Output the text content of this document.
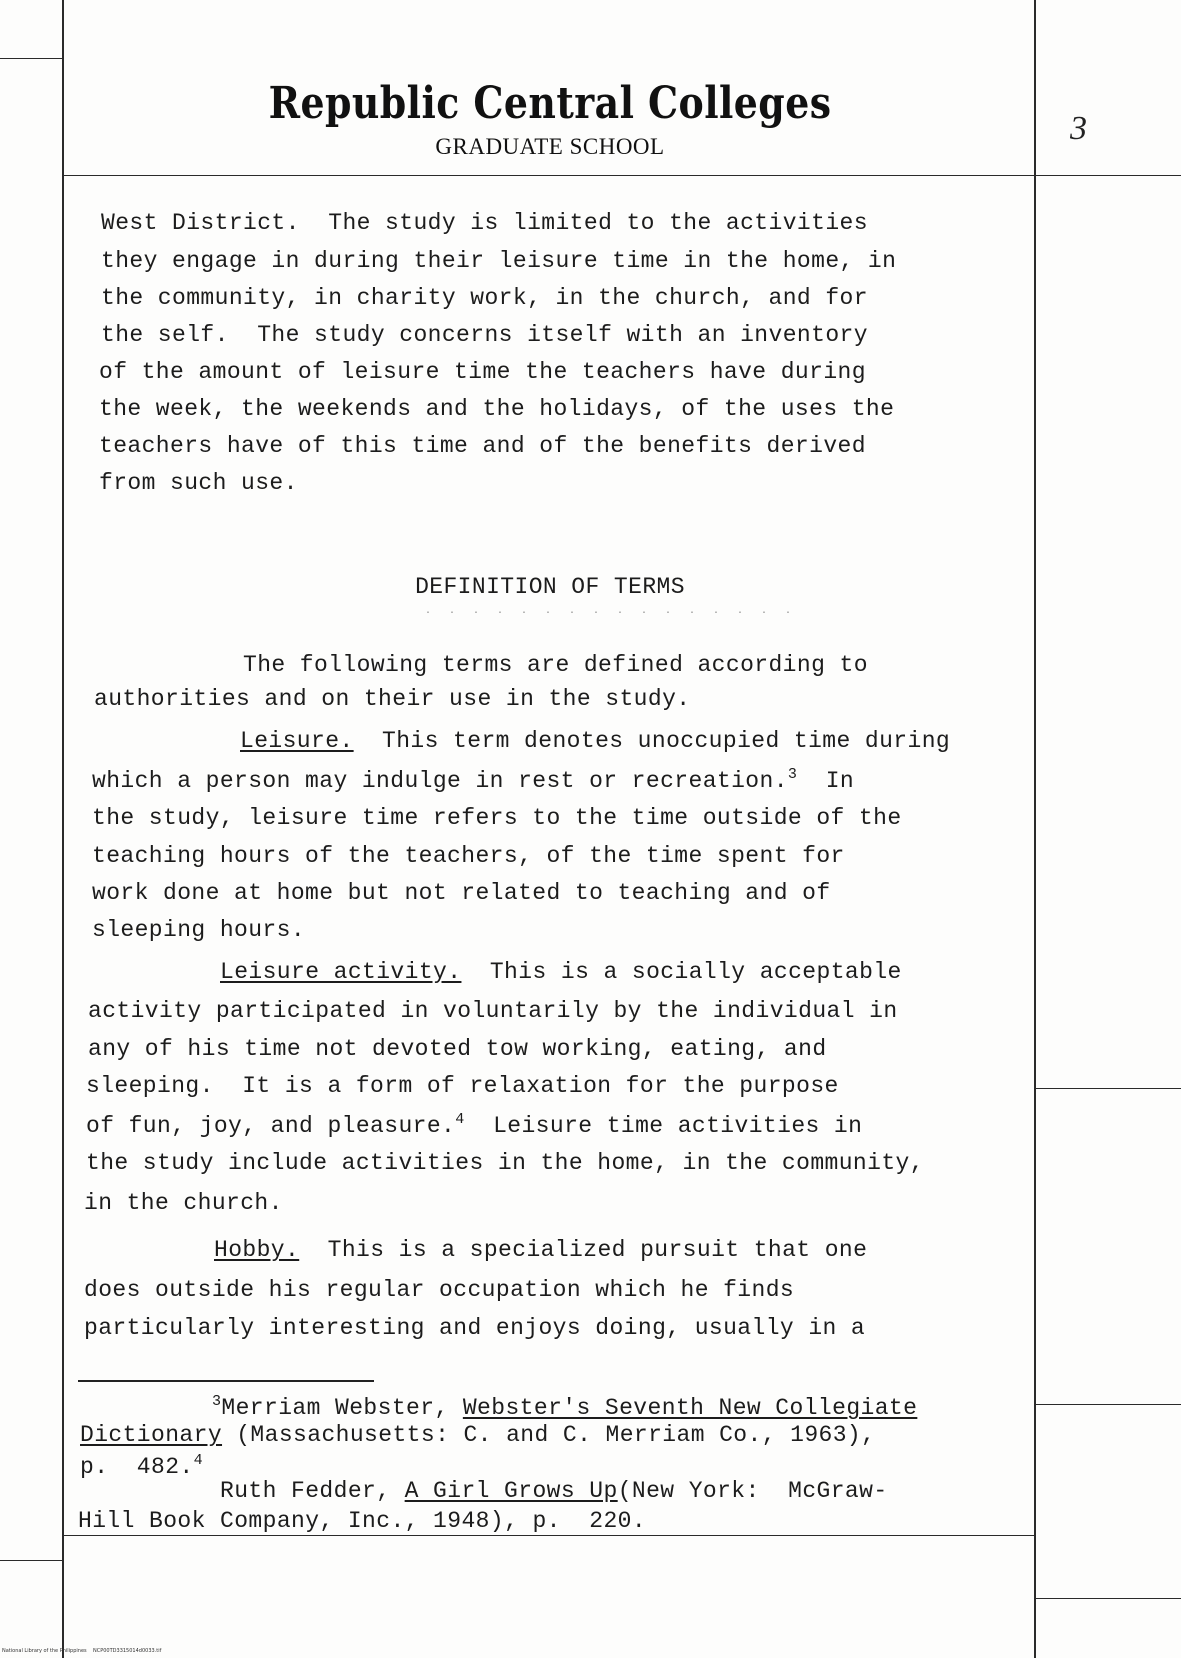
Republic Central Colleges
GRADUATE SCHOOL	3
West District.  The study is limited to the activities
they engage in during their leisure time in the home, in
the community, in charity work, in the church, and for
the self.  The study concerns itself with an inventory
of the amount of leisure time the teachers have during
the week, the weekends and the holidays, of the uses the
teachers have of this time and of the benefits derived
from such use.
DEFINITION OF TERMS
· · · · · · · · · · · · · · · ·
The following terms are defined according to
authorities and on their use in the study.
Leisure.  This term denotes unoccupied time during
which a person may indulge in rest or recreation.$^3$  In
the study, leisure time refers to the time outside of the
teaching hours of the teachers, of the time spent for
work done at home but not related to teaching and of
sleeping hours.
Leisure activity.  This is a socially acceptable
activity participated in voluntarily by the individual in
any of his time not devoted tow working, eating, and
sleeping.  It is a form of relaxation for the purpose
of fun, joy, and pleasure.$^4$  Leisure time activities in
the study include activities in the home, in the community,
in the church.
Hobby.  This is a specialized pursuit that one
does outside his regular occupation which he finds
particularly interesting and enjoys doing, usually in a
$^3$Merriam Webster, Webster's Seventh New Collegiate
Dictionary (Massachusetts: C. and C. Merriam Co., 1963),
p.  482.$^4$
Ruth Fedder, A Girl Grows Up(New York:  McGraw-
Hill Book Company, Inc., 1948), p.  220.
National Library of the Philippines NCP00TD3315014d0033.tif
